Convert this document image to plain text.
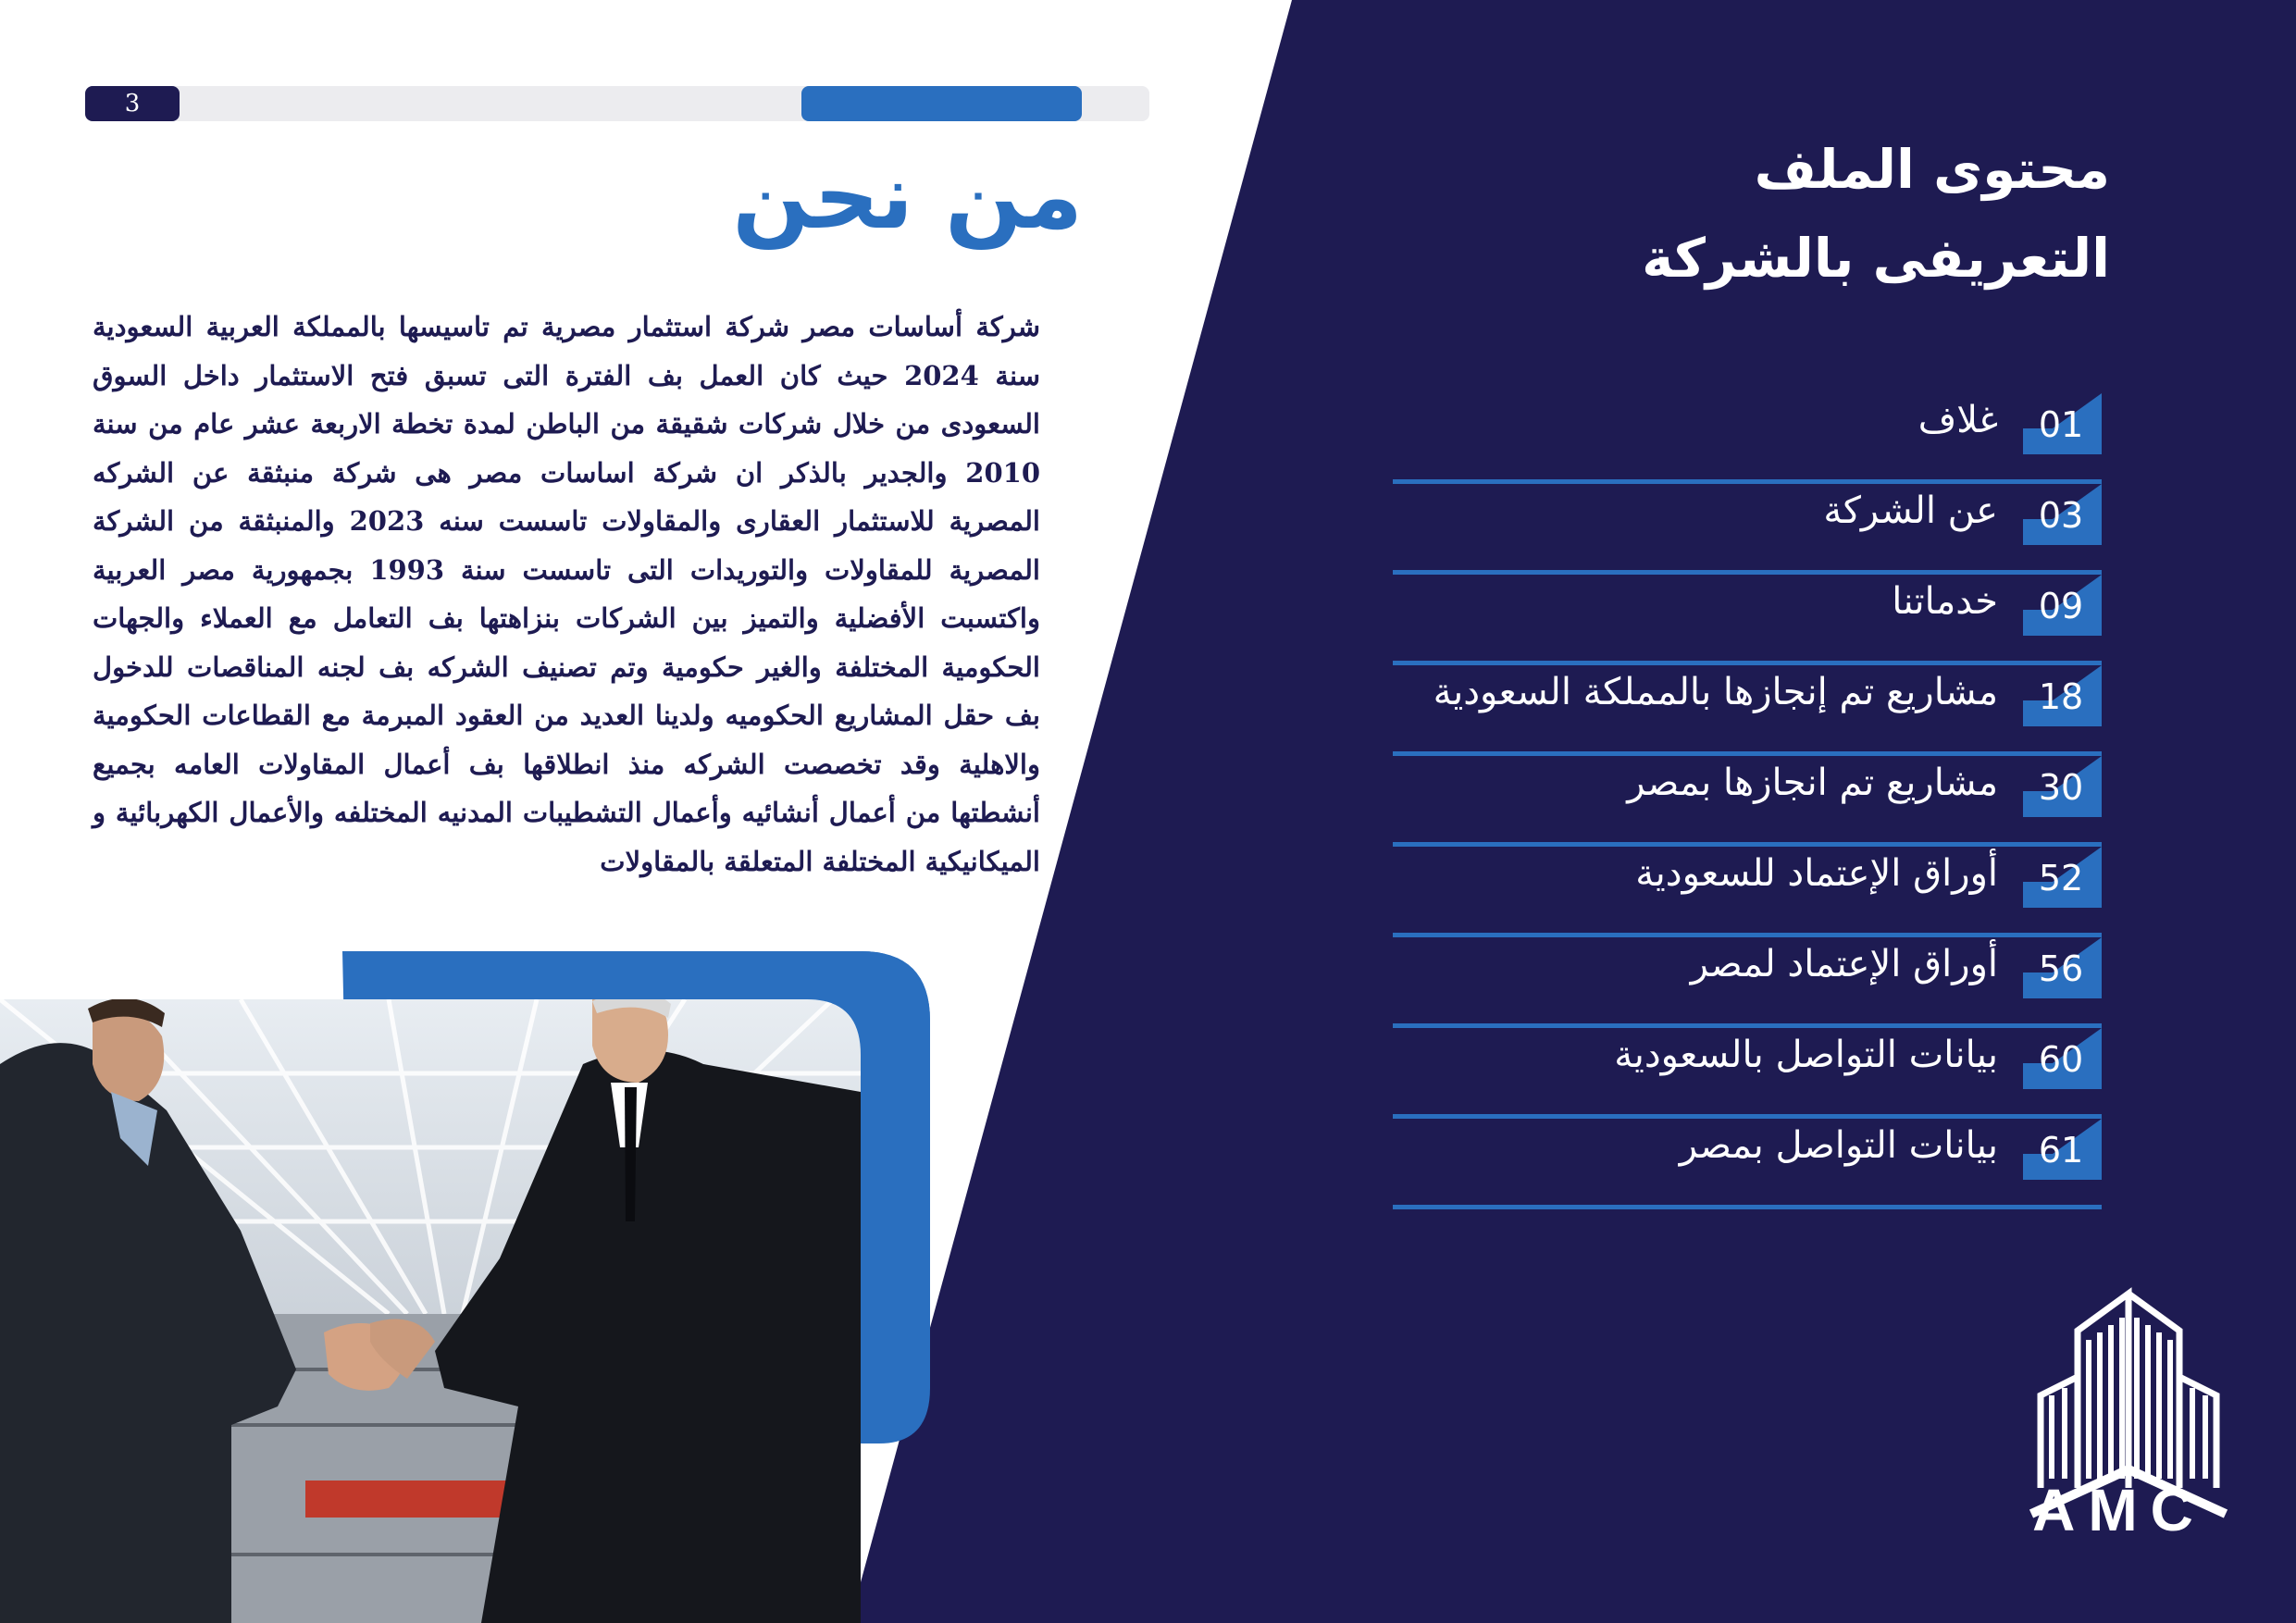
3
من نحن
شركة أساسات مصر شركة استثمار مصرية تم تاسيسها بالمملكة العربية السعودية سنة 2024 حيث كان العمل بف الفترة التى تسبق فتح الاستثمار داخل السوق السعودى من خلال شركات شقيقة من الباطن لمدة تخطة الاربعة عشر عام من سنة 2010 والجدير بالذكر ان شركة اساسات مصر هى شركة منبثقة عن الشركه المصرية للاستثمار العقارى والمقاولات تاسست سنه 2023 والمنبثقة من الشركة المصرية للمقاولات والتوريدات التى تاسست سنة 1993 بجمهورية مصر العربية واكتسبت الأفضلية والتميز بين الشركات بنزاهتها بف التعامل مع العملاء والجهات الحكومية المختلفة والغير حكومية وتم تصنيف الشركه بف لجنه المناقصات للدخول بف حقل المشاريع الحكوميه ولدينا العديد من العقود المبرمة مع القطاعات الحكومية والاهلية وقد تخصصت الشركه منذ انطلاقها بف أعمال المقاولات العامه بجميع أنشطتها من أعمال أنشائيه وأعمال التشطيبات المدنيه المختلفه والأعمال الكهربائية و الميكانيكية المختلفة المتعلقة بالمقاولات
محتوى الملف
التعريفى بالشركة
01
غلاف
03
عن الشركة
09
خدماتنا
18
مشاريع تم إنجازها بالمملكة السعودية
30
مشاريع تم انجازها بمصر
52
أوراق الإعتماد للسعودية
56
أوراق الإعتماد لمصر
60
بيانات التواصل بالسعودية
61
بيانات التواصل بمصر
AMC
